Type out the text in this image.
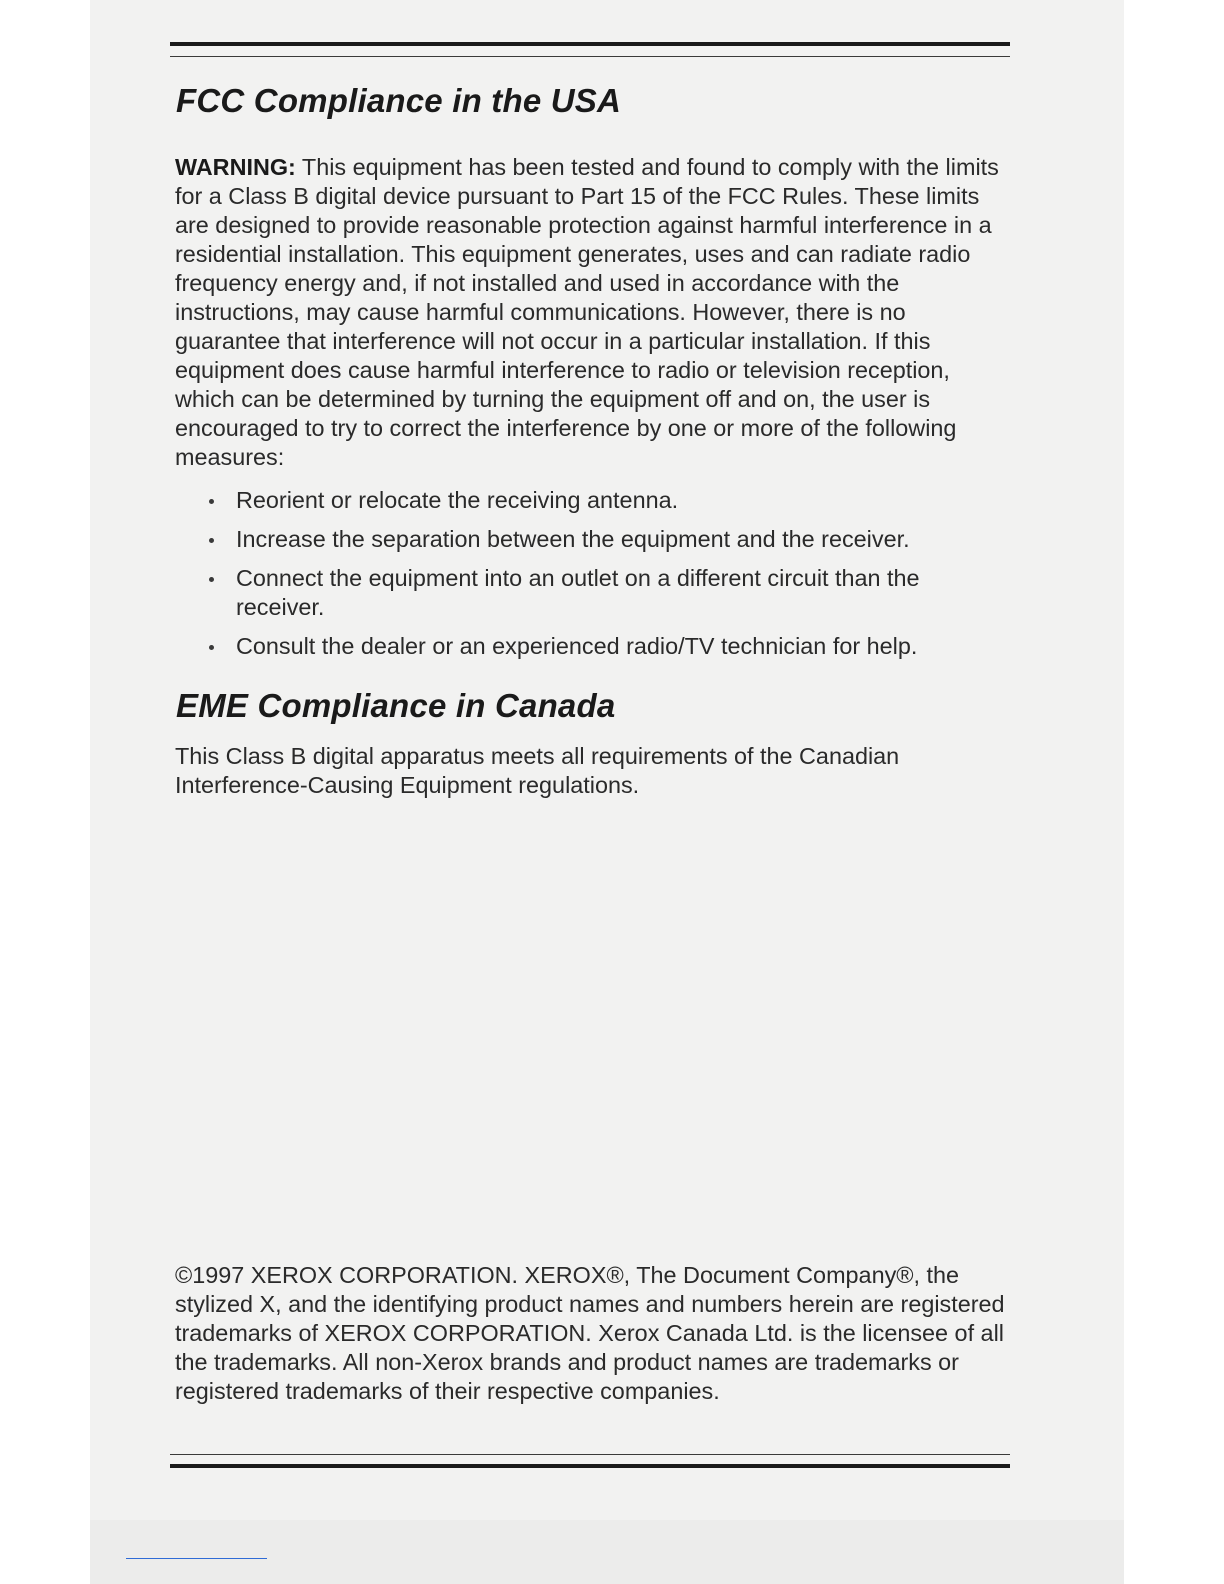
FCC Compliance in the USA

WARNING: This equipment has been tested and found to comply with the limits for a Class B digital device pursuant to Part 15 of the FCC Rules. These limits are designed to provide reasonable protection against harmful interference in a residential installation. This equipment generates, uses and can radiate radio frequency energy and, if not installed and used in accordance with the instructions, may cause harmful communications. However, there is no guarantee that interference will not occur in a particular installation. If this equipment does cause harmful interference to radio or television reception, which can be determined by turning the equipment off and on, the user is encouraged to try to correct the interference by one or more of the following measures:

Reorient or relocate the receiving antenna.
Increase the separation between the equipment and the receiver.
Connect the equipment into an outlet on a different circuit than the receiver.
Consult the dealer or an experienced radio/TV technician for help.
EME Compliance in Canada

This Class B digital apparatus meets all requirements of the Canadian Interference-Causing Equipment regulations.

©1997 XEROX CORPORATION. XEROX®, The Document Company®, the stylized X, and the identifying product names and numbers herein are registered trademarks of XEROX CORPORATION. Xerox Canada Ltd. is the licensee of all the trademarks. All non-Xerox brands and product names are trademarks or registered trademarks of their respective companies.
